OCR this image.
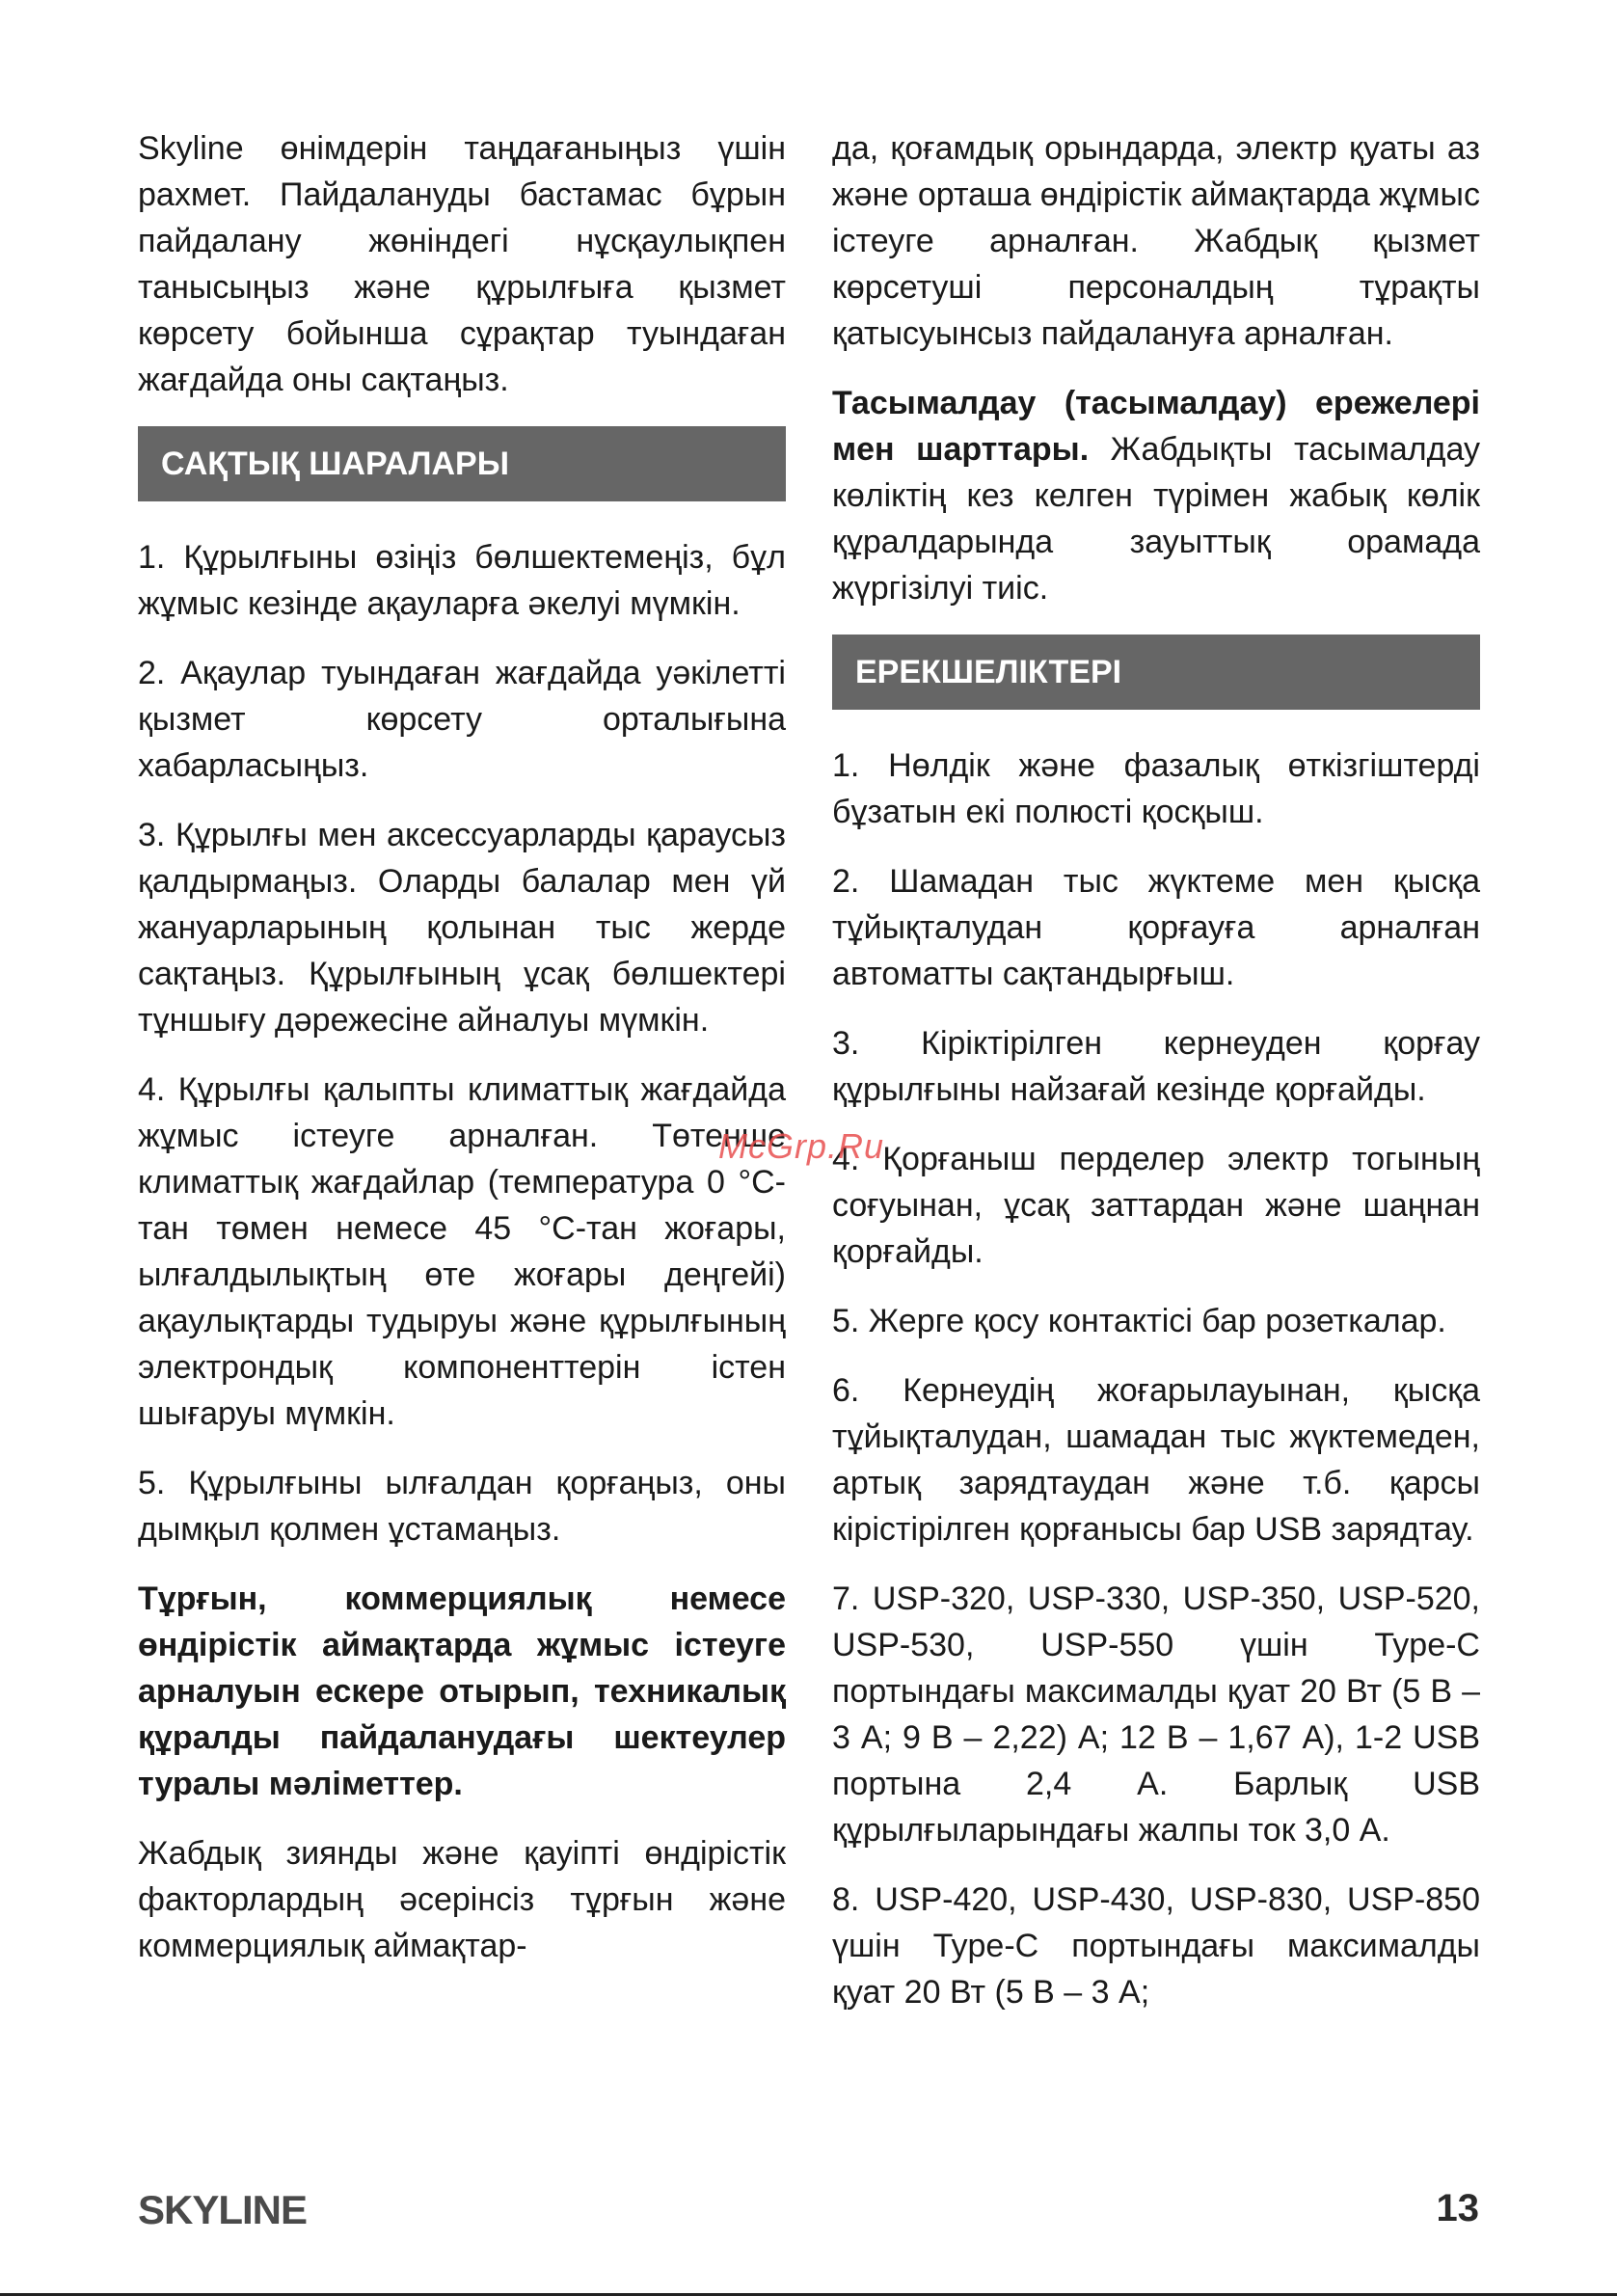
Skyline өнімдерін таңдағаныңыз үшін рахмет. Пайдалануды бастамас бұрын пайдалану жөніндегі нұсқаулықпен танысыңыз және құрылғыға қызмет көрсету бойынша сұрақтар туындаған жағдайда оны сақтаңыз.

САҚТЫҚ ШАРАЛАРЫ

1. Құрылғыны өзіңіз бөлшектемеңіз, бұл жұмыс кезінде ақауларға әкелуі мүмкін.

2. Ақаулар туындаған жағдайда уәкілетті қызмет көрсету орталығына хабарласыңыз.

3. Құрылғы мен аксессуарларды қараусыз қалдырмаңыз. Оларды балалар мен үй жануарларының қолынан тыс жерде сақтаңыз. Құрылғының ұсақ бөлшектері тұншығу дәрежесіне айналуы мүмкін.

4. Құрылғы қалыпты климаттық жағдайда жұмыс істеуге арналған. Төтенше климаттық жағдайлар (температура 0 °C-тан төмен немесе 45 °C-тан жоғары, ылғалдылықтың өте жоғары деңгейі) ақаулықтарды тудыруы және құрылғының электрондық компоненттерін істен шығаруы мүмкін.

5. Құрылғыны ылғалдан қорғаңыз, оны дымқыл қолмен ұстамаңыз.

Тұрғын, коммерциялық немесе өндірістік аймақтарда жұмыс істеуге арналуын ескере отырып, техникалық құралды пайдаланудағы шектеулер туралы мәліметтер.

Жабдық зиянды және қауіпті өндірістік факторлардың әсерінсіз тұрғын және коммерциялық аймақтар-

да, қоғамдық орындарда, электр қуаты аз және орташа өндірістік аймақтарда жұмыс істеуге арналған. Жабдық қызмет көрсетуші персоналдың тұрақты қатысуынсыз пайдалануға арналған.

Тасымалдау (тасымалдау) ережелері мен шарттары. Жабдықты тасымалдау көліктің кез келген түрімен жабық көлік құралдарында зауыттық орамада жүргізілуі тиіс.

ЕРЕКШЕЛІКТЕРІ

1. Нөлдік және фазалық өткізгіштерді бұзатын екі полюсті қосқыш.

2. Шамадан тыс жүктеме мен қысқа тұйықталудан қорғауға арналған автоматты сақтандырғыш.

3. Кірiктiрiлген кернеуден қорғау құрылғыны найзағай кезінде қорғайды.

4. Қорғаныш перделер электр тогының соғуынан, ұсақ заттардан және шаңнан қорғайды.

5. Жерге қосу контактісі бар розеткалар.

6. Кернеудің жоғарылауынан, қысқа тұйықталудан, шамадан тыс жүктемеден, артық зарядтаудан және т.б. қарсы кірістірілген қорғанысы бар USB зарядтау.

7. USP-320, USP-330, USP-350, USP-520, USP-530, USP-550 үшін Type-C портындағы максималды қуат 20 Вт (5 В – 3 А; 9 В – 2,22) А; 12 В – 1,67 А), 1-2 USB портына 2,4 А. Барлық USB құрылғыларындағы жалпы ток 3,0 А.

8. USP-420, USP-430, USP-830, USP-850 үшін Type-C портындағы максималды қуат 20 Вт (5 В – 3 А;

McGrp.Ru
SKYLINE	13
